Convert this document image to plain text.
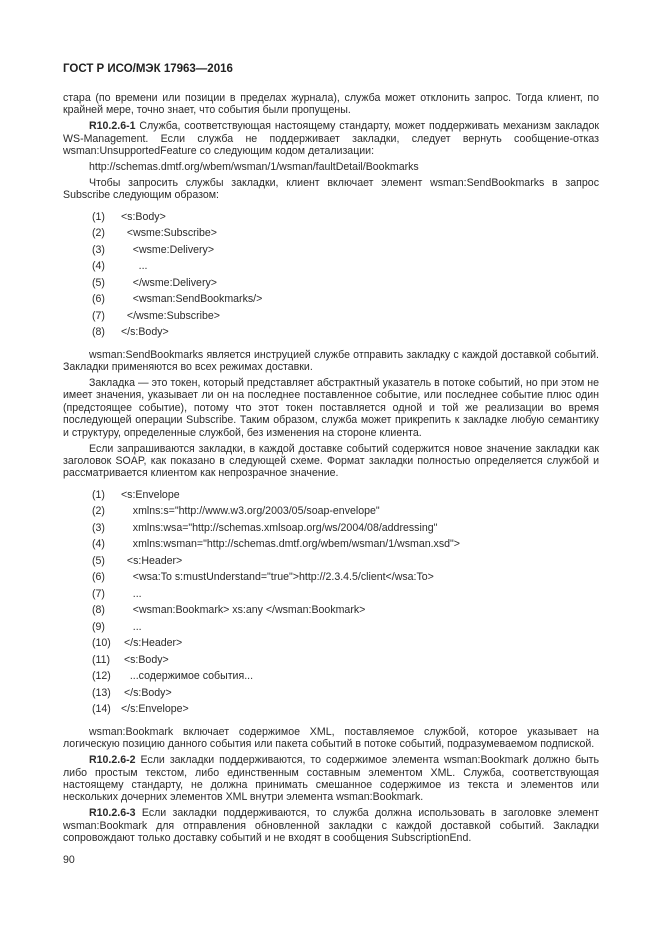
ГОСТ Р ИСО/МЭК 17963—2016

стара (по времени или позиции в пределах журнала), служба может отклонить запрос. Тогда клиент, по крайней мере, точно знает, что события были пропущены.

R10.2.6-1 Служба, соответствующая настоящему стандарту, может поддерживать механизм закладок WS-Management. Если служба не поддерживает закладки, следует вернуть сообщение-отказ wsman:UnsupportedFeature со следующим кодом детализации:

http://schemas.dmtf.org/wbem/wsman/1/wsman/faultDetail/Bookmarks

Чтобы запросить службы закладки, клиент включает элемент wsman:SendBookmarks в запрос Subscribe следующим образом:

(1) <s:Body>
(2)  <wsme:Subscribe>
(3)    <wsme:Delivery>
(4)      ...
(5)    </wsme:Delivery>
(6)    <wsman:SendBookmarks/>
(7)  </wsme:Subscribe>
(8) </s:Body>

wsman:SendBookmarks является инструцией службе отправить закладку с каждой доставкой событий. Закладки применяются во всех режимах доставки.

Закладка — это токен, который представляет абстрактный указатель в потоке событий, но при этом не имеет значения, указывает ли он на последнее поставленное событие, или последнее событие плюс один (предстоящее событие), потому что этот токен поставляется одной и той же реализации во время последующей операции Subscribe. Таким образом, служба может прикрепить к закладке любую семантику и структуру, определенные службой, без изменения на стороне клиента.

Если запрашиваются закладки, в каждой доставке событий содержится новое значение закладки как заголовок SOAP, как показано в следующей схеме. Формат закладки полностью определяется службой и рассматривается клиентом как непрозрачное значение.

(1) <s:Envelope
(2)    xmlns:s="http://www.w3.org/2003/05/soap-envelope"
(3)    xmlns:wsa="http://schemas.xmlsoap.org/ws/2004/08/addressing"
(4)    xmlns:wsman="http://schemas.dmtf.org/wbem/wsman/1/wsman.xsd">
(5)  <s:Header>
(6)    <wsa:To s:mustUnderstand="true">http://2.3.4.5/client</wsa:To>
(7)    ...
(8)    <wsman:Bookmark> xs:any </wsman:Bookmark>
(9)    ...
(10) </s:Header>
(11) <s:Body>
(12)   ...содержимое события...
(13) </s:Body>
(14) </s:Envelope>

wsman:Bookmark включает содержимое XML, поставляемое службой, которое указывает на логическую позицию данного события или пакета событий в потоке событий, подразумеваемом подпиской.

R10.2.6-2 Если закладки поддерживаются, то содержимое элемента wsman:Bookmark должно быть либо простым текстом, либо единственным составным элементом XML. Служба, соответствующая настоящему стандарту, не должна принимать смешанное содержимое из текста и элементов или нескольких дочерних элементов XML внутри элемента wsman:Bookmark.

R10.2.6-3 Если закладки поддерживаются, то служба должна использовать в заголовке элемент wsman:Bookmark для отправления обновленной закладки с каждой доставкой событий. Закладки сопровождают только доставку событий и не входят в сообщения SubscriptionEnd.

90
